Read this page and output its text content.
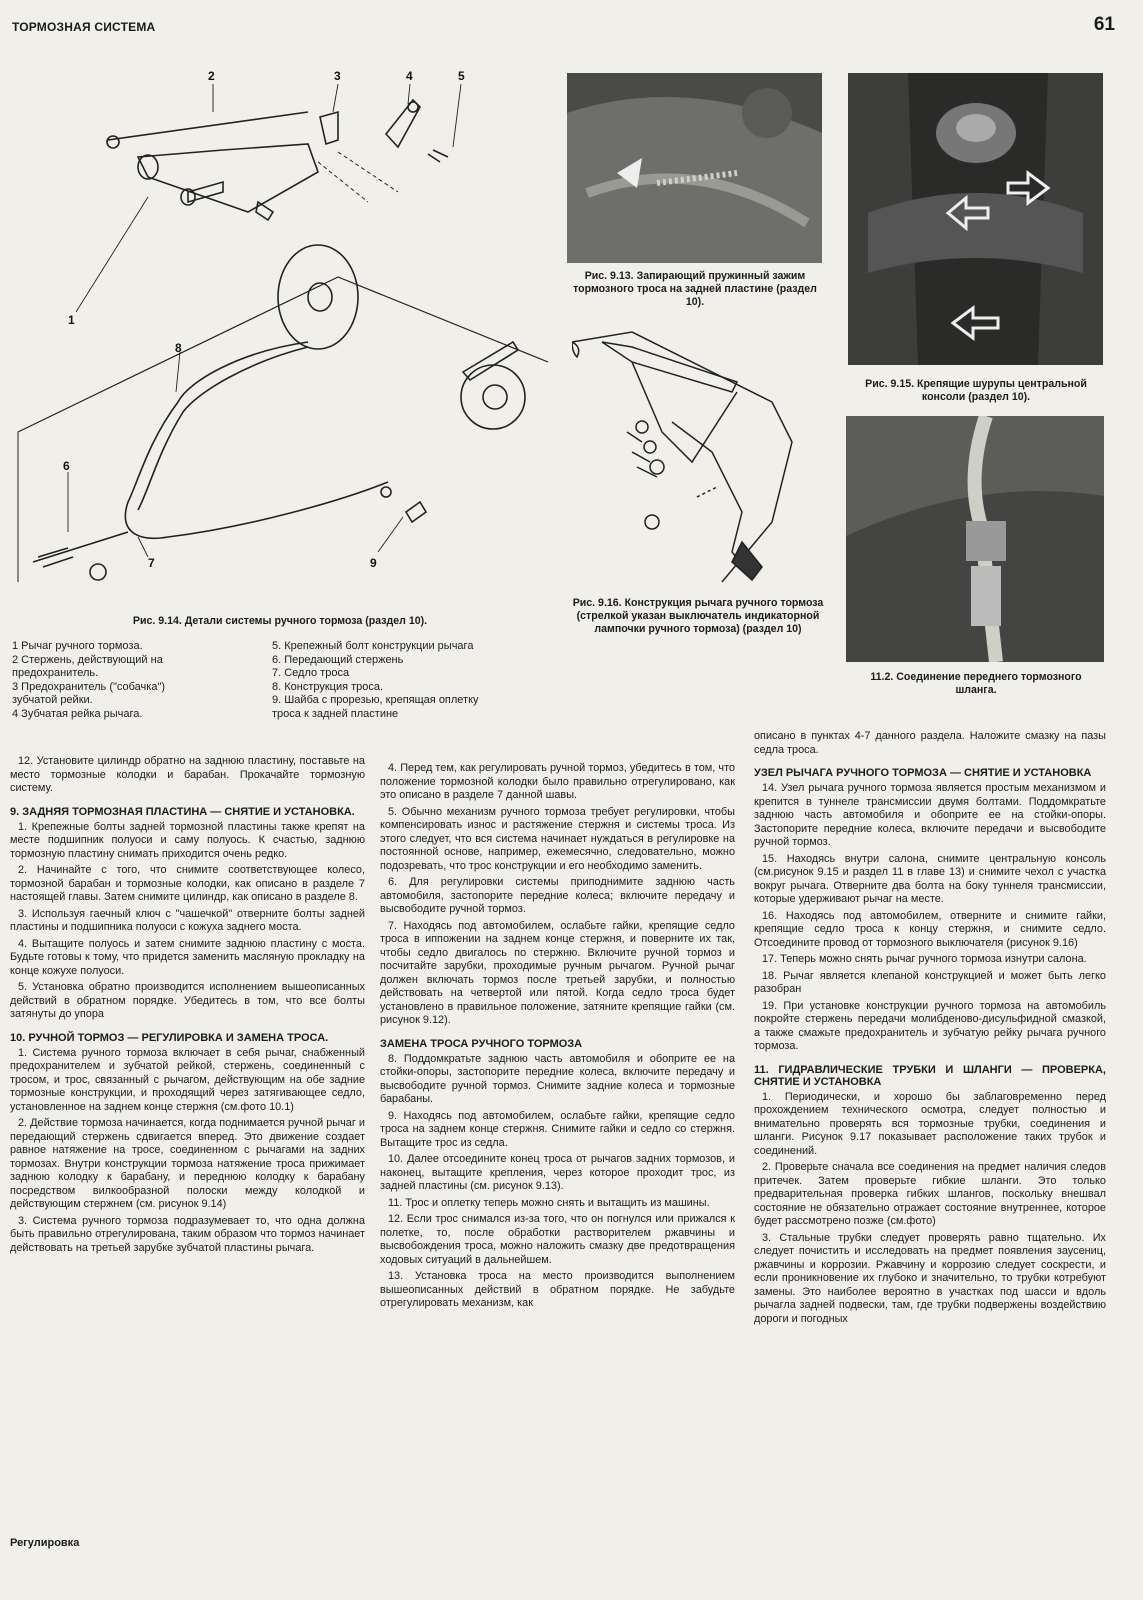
ТОРМОЗНАЯ СИСТЕМА	61
2	3	4	5
1
8
6
7	9
Рис. 9.14. Детали системы ручного тормоза (раздел 10).
1 Рычаг ручного тормоза.
2 Стержень, действующий на
предохранитель.
3 Предохранитель ("собачка")
зубчатой рейки.
4 Зубчатая рейка рычага.
5. Крепежный болт конструкции рычага
6. Передающий стержень
7. Седло троса
8. Конструкция троса.
9. Шайба с прорезью, крепящая оплетку
троса к задней пластине
Рис. 9.13. Запирающий пружинный зажим тормозного троса на задней пластине (раздел 10).
Рис. 9.15. Крепящие шурупы центральной консоли (раздел 10).
11.2. Соединение переднего тормозного шланга.
Рис. 9.16. Конструкция рычага ручного тормоза (стрелкой указан выключатель индикаторной лампочки ручного тормоза) (раздел 10)

12. Установите цилиндр обратно на заднюю пластину, поставьте на место тормозные колодки и барабан. Прокачайте тормозную систему.

9. ЗАДНЯЯ ТОРМОЗНАЯ ПЛАСТИНА — СНЯТИЕ И УСТАНОВКА.

1. Крепежные болты задней тормозной пластины также крепят на месте подшипник полуоси и саму полуось. К счастью, заднюю тормозную пластину снимать приходится очень редко.

2. Начинайте с того, что снимите соответствующее колесо, тормозной барабан и тормозные колодки, как описано в разделе 7 настоящей главы. Затем снимите цилиндр, как описано в разделе 8.

3. Используя гаечный ключ с "чашечкой" отверните болты задней пластины и подшипника полуоси с кожуха заднего моста.

4. Вытащите полуось и затем снимите заднюю пластину с моста. Будьте готовы к тому, что придется заменить масляную прокладку на конце кожухе полуоси.

5. Установка обратно производится исполнением вышеописанных действий в обратном порядке. Убедитесь в том, что все болты затянуты до упора

10. РУЧНОЙ ТОРМОЗ — РЕГУЛИРОВКА И ЗАМЕНА ТРОСА.

1. Система ручного тормоза включает в себя рычаг, снабженный предохранителем и зубчатой рейкой, стержень, соединенный с тросом, и трос, связанный с рычагом, действующим на обе задние тормозные конструкции, и проходящий через затягивающее седло, установленное на заднем конце стержня (см.фото 10.1)

2. Действие тормоза начинается, когда поднимается ручной рычаг и передающий стержень сдвигается вперед. Это движение создает равное натяжение на тросе, соединенном с рычагами на задних тормозах. Внутри конструкции тормоза натяжение троса прижимает заднюю колодку к барабану, и переднюю колодку к барабану посредством вилкообразной полоски между колодкой и действующим стержнем (см. рисунок 9.14)

3. Система ручного тормоза подразумевает то, что одна должна быть правильно отрегулирована, таким образом что тормоз начинает действовать на третьей зарубке зубчатой пластины рычага.

Регулировка

4. Перед тем, как регулировать ручной тормоз, убедитесь в том, что положение тормозной колодки было правильно отрегулировано, как это описано в разделе 7 данной шавы.

5. Обычно механизм ручного тормоза требует регулировки, чтобы компенсировать износ и растяжение стержня и системы троса. Из этого следует, что вся система начинает нуждаться в регулировке на постоянной основе, например, ежемесячно, следовательно, можно подозревать, что трос конструкции и его необходимо заменить.

6. Для регулировки системы приподнимите заднюю часть автомобиля, застопорите передние колеса; включите передачу и высвободите ручной тормоз.

7. Находясь под автомобилем, ослабьте гайки, крепящие седло троса в иппожении на заднем конце стержня, и поверните их так, чтобы седло двигалось по стержню. Включите ручной тормоз и посчитайте зарубки, проходимые ручным рычагом. Ручной рычаг должен включать тормоз после третьей зарубки, и полностью действовать на четвертой или пятой. Когда седло троса будет установлено в правильное положение, затяните крепящие гайки (см. рисунок 9.12).

ЗАМЕНА ТРОСА РУЧНОГО ТОРМОЗА

8. Поддомкратьте заднюю часть автомобиля и обоприте ее на стойки-опоры, застопорите передние колеса, включите передачу и высвободите ручной тормоз. Снимите задние колеса и тормозные барабаны.

9. Находясь под автомобилем, ослабьте гайки, крепящие седло троса на заднем конце стержня. Снимите гайки и седло со стержня. Вытащите трос из седла.

10. Далее отсоедините конец троса от рычагов задних тормозов, и наконец, вытащите крепления, через которое проходит трос, из задней пластины (см. рисунок 9.13).

11. Трос и оплетку теперь можно снять и вытащить из машины.

12. Если трос снимался из-за того, что он погнулся или прижался к полетке, то, после обработки растворителем ржавчины и высвобождения троса, можно наложить смазку две предотвращения ходовых ситуаций в дальнейшем.

13. Установка троса на место производится выполнением вышеописанных действий в обратном порядке. Не забудьте отрегулировать механизм, как

описано в пунктах 4-7 данного раздела. Наложите смазку на пазы седла троса.

УЗЕЛ РЫЧАГА РУЧНОГО ТОРМОЗА — СНЯТИЕ И УСТАНОВКА

14. Узел рычага ручного тормоза является простым механизмом и крепится в туннеле трансмиссии двумя болтами. Поддомкратьте заднюю часть автомобиля и обоприте ее на стойки-опоры. Застопорите передние колеса, включите передачи и высвободите ручной тормоз.

15. Находясь внутри салона, снимите центральную консоль (см.рисунок 9.15 и раздел 11 в главе 13) и снимите чехол с участка вокруг рычага. Отверните два болта на боку туннеля трансмиссии, которые удерживают рычаг на месте.

16. Находясь под автомобилем, отверните и снимите гайки, крепящие седло троса к концу стержня, и снимите седло. Отсоедините провод от тормозного выключателя (рисунок 9.16)

17. Теперь можно снять рычаг ручного тормоза изнутри салона.

18. Рычаг является клепаной конструкцией и может быть легко разобран

19. При установке конструкции ручного тормоза на автомобиль покройте стержень передачи молибденово-дисульфидной смазкой, а также смажьте предохранитель и зубчатую рейку рычага ручного тормоза.

11. ГИДРАВЛИЧЕСКИЕ ТРУБКИ И ШЛАНГИ — ПРОВЕРКА, СНЯТИЕ И УСТАНОВКА

1. Периодически, и хорошо бы заблаговременно перед прохождением технического осмотра, следует полностью и внимательно проверять вся тормозные трубки, соединения и шланги. Рисунок 9.17 показывает расположение таких трубок и соединений.

2. Проверьте сначала все соединения на предмет наличия следов притечек. Затем проверьте гибкие шланги. Это только предварительная проверка гибких шлангов, поскольку внешвал состояние не обязательно отражает состояние внутреннее, которое будет рассмотрено позже (см.фото)

3. Стальные трубки следует проверять равно тщательно. Их следует почистить и исследовать на предмет появления заусениц, ржавчины и коррозии. Ржавчину и коррозию следует соскрести, и если проникновение их глубоко и значительно, то трубки котребуют замены. Это наиболее вероятно в участках под шасси и вдоль рычагла задней подвески, там, где трубки подвержены воздействию дороги и погодных
